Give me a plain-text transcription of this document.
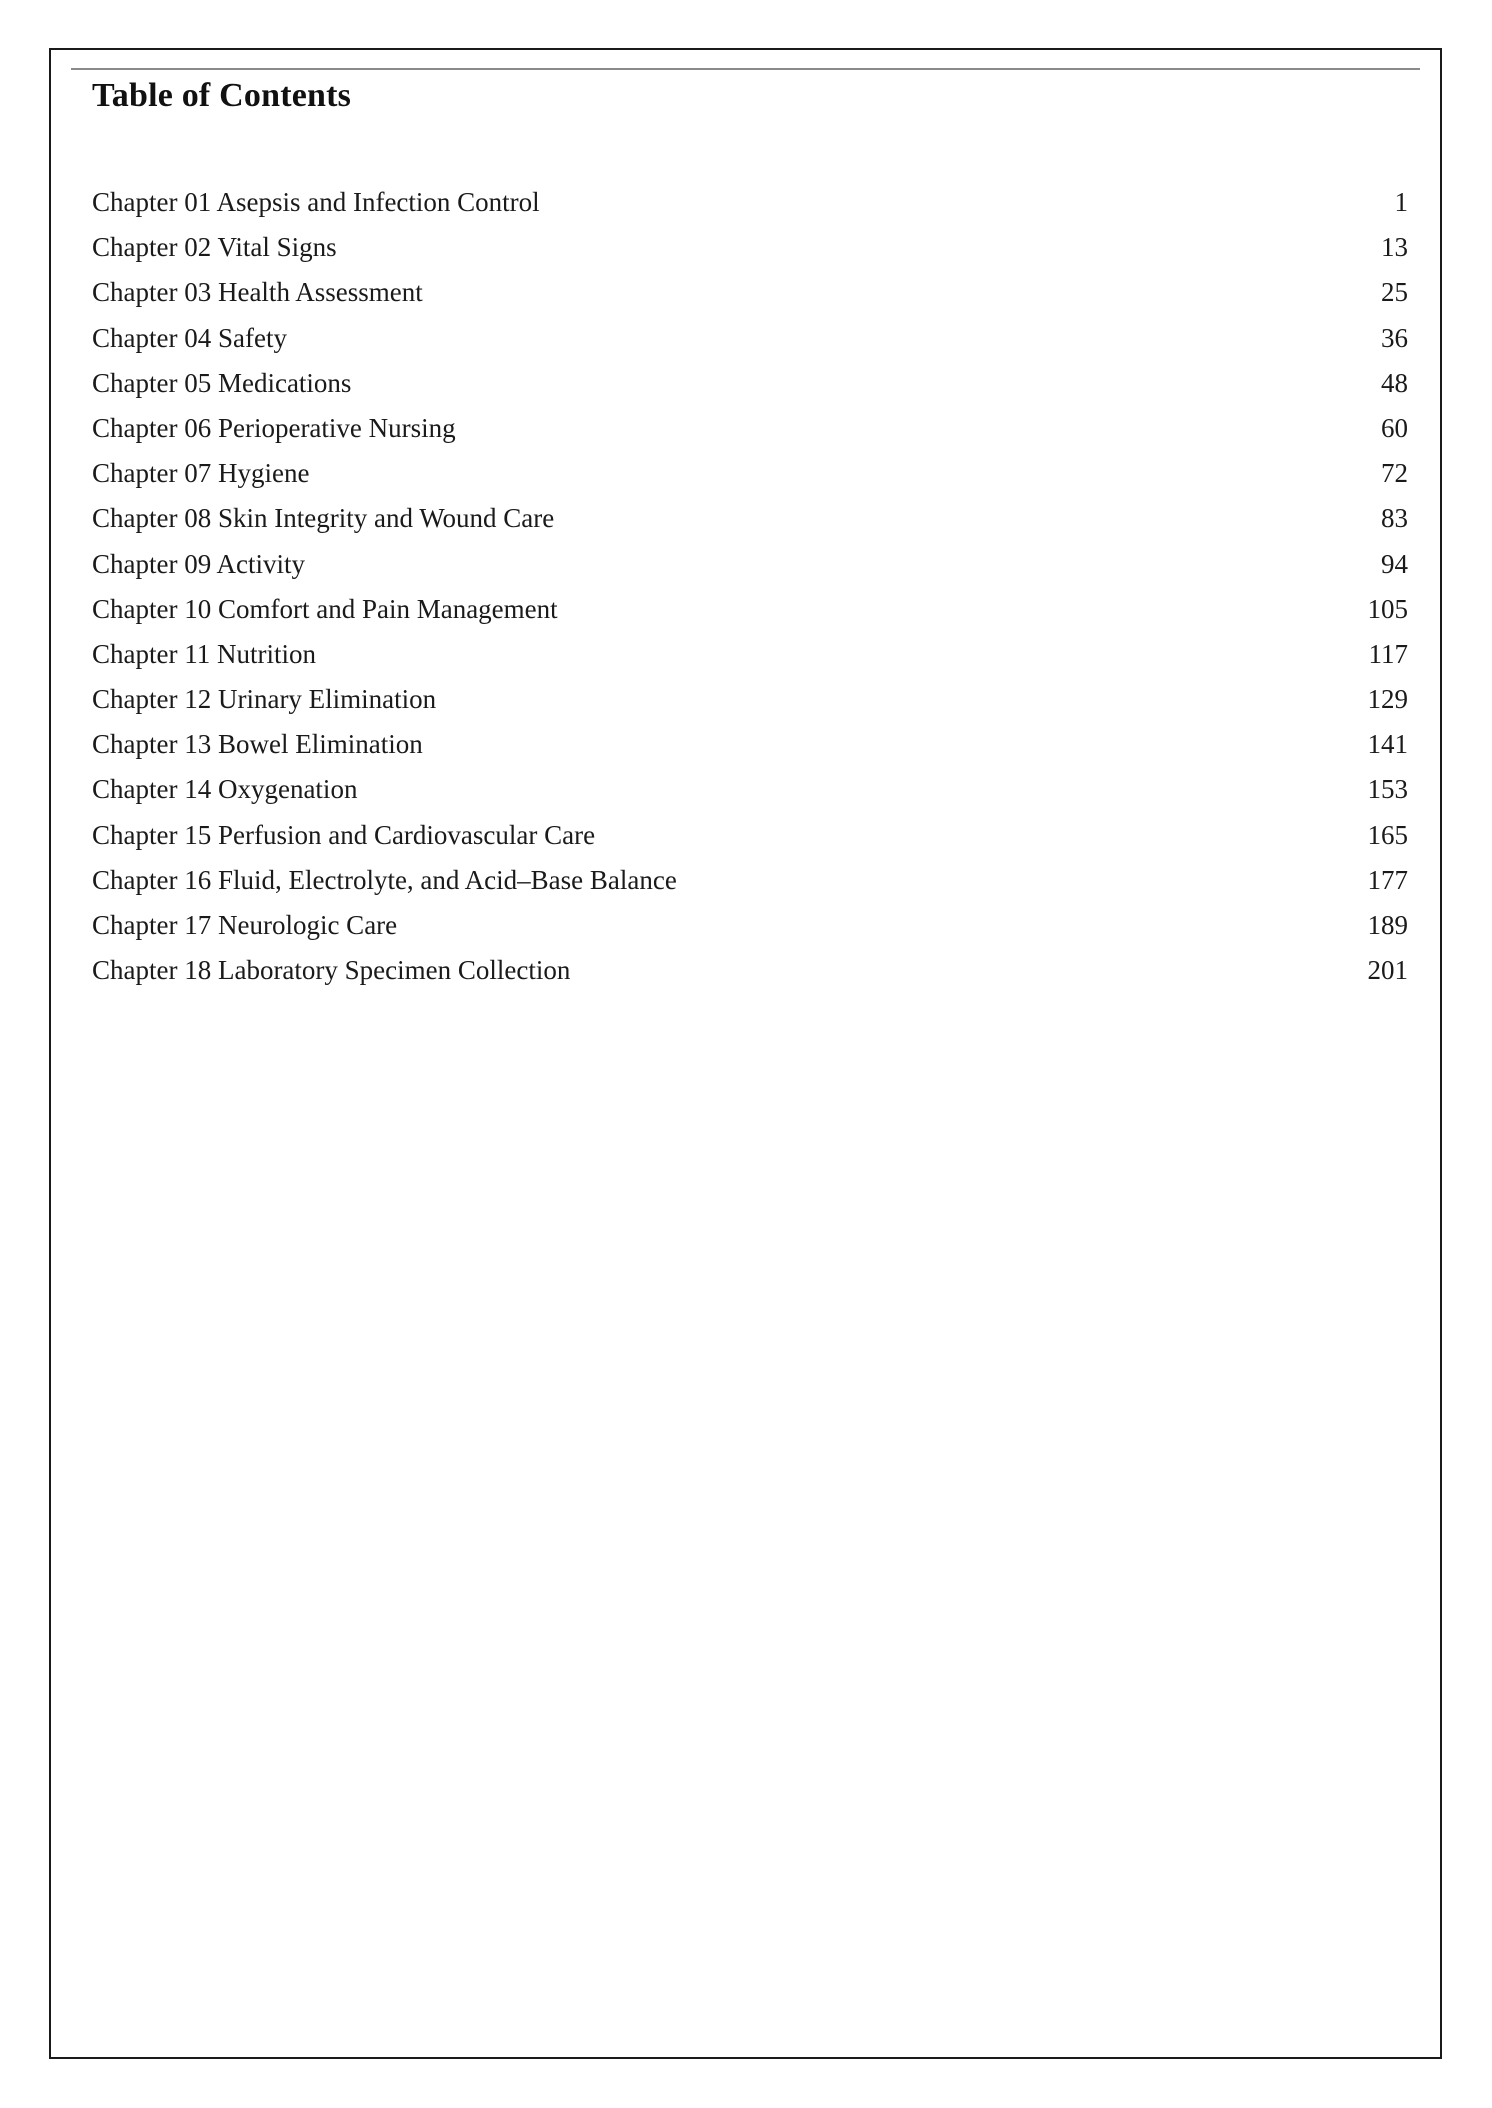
Table of Contents
Chapter 01 Asepsis and Infection Control	1
Chapter 02 Vital Signs	13
Chapter 03 Health Assessment	25
Chapter 04 Safety	36
Chapter 05 Medications	48
Chapter 06 Perioperative Nursing	60
Chapter 07 Hygiene	72
Chapter 08 Skin Integrity and Wound Care	83
Chapter 09 Activity	94
Chapter 10 Comfort and Pain Management	105
Chapter 11 Nutrition	117
Chapter 12 Urinary Elimination	129
Chapter 13 Bowel Elimination	141
Chapter 14 Oxygenation	153
Chapter 15 Perfusion and Cardiovascular Care	165
Chapter 16 Fluid, Electrolyte, and Acid–Base Balance	177
Chapter 17 Neurologic Care	189
Chapter 18 Laboratory Specimen Collection	201
